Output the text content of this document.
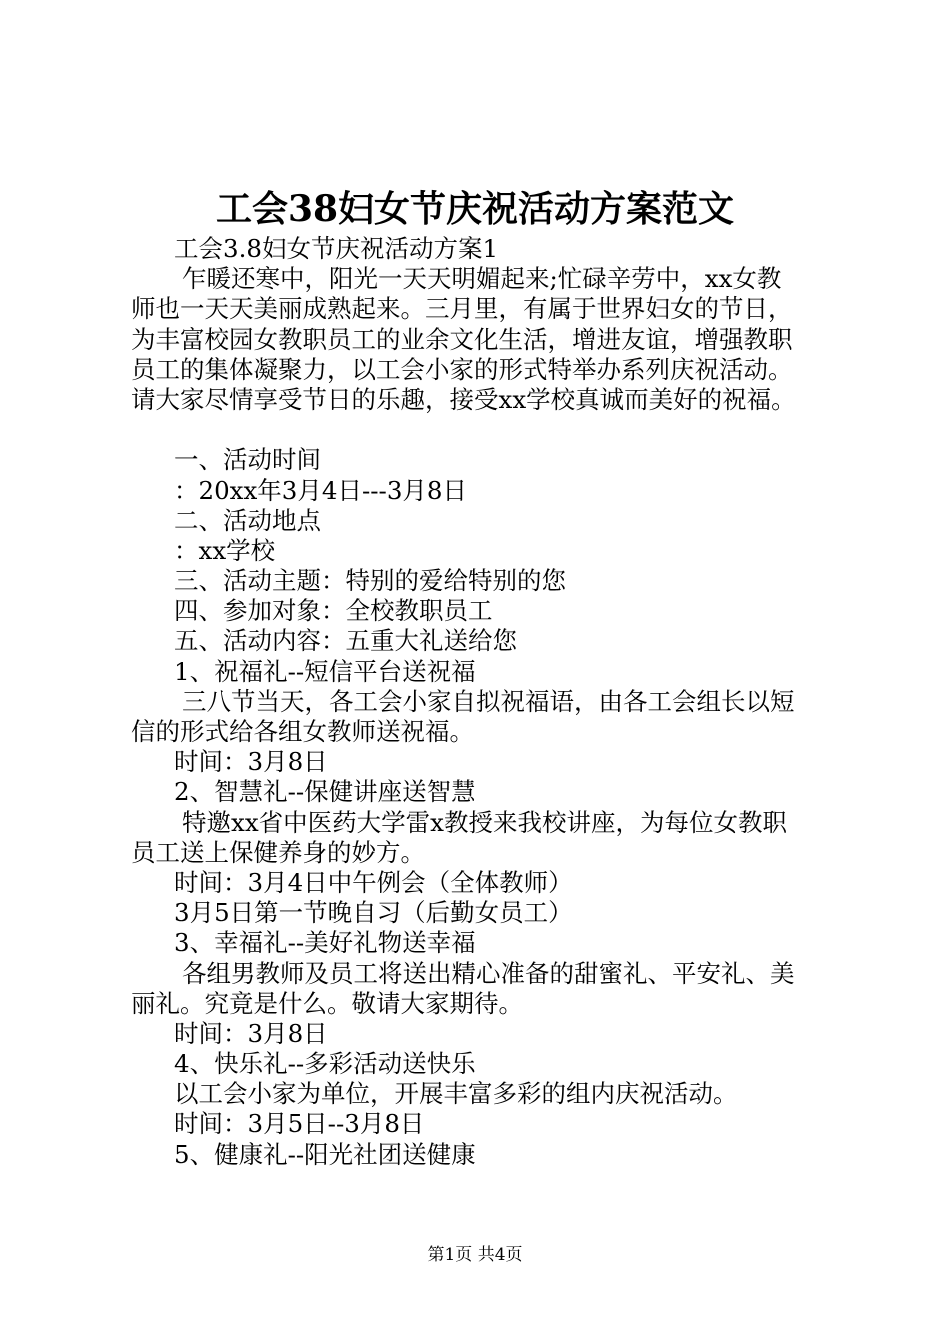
工会38妇女节庆祝活动方案范文
工会3.8妇女节庆祝活动方案1
乍暖还寒中，阳光一天天明媚起来;忙碌辛劳中，xx女教
师也一天天美丽成熟起来。三月里，有属于世界妇女的节日，
为丰富校园女教职员工的业余文化生活，增进友谊，增强教职
员工的集体凝聚力，以工会小家的形式特举办系列庆祝活动。
请大家尽情享受节日的乐趣，接受xx学校真诚而美好的祝福。
一、活动时间
：20xx年3月4日---3月8日
二、活动地点
：xx学校
三、活动主题：特别的爱给特别的您
四、参加对象：全校教职员工
五、活动内容：五重大礼送给您
1、祝福礼--短信平台送祝福
三八节当天，各工会小家自拟祝福语，由各工会组长以短
信的形式给各组女教师送祝福。
时间：3月8日
2、智慧礼--保健讲座送智慧
特邀xx省中医药大学雷x教授来我校讲座，为每位女教职
员工送上保健养身的妙方。
时间：3月4日中午例会（全体教师）
3月5日第一节晚自习（后勤女员工）
3、幸福礼--美好礼物送幸福
各组男教师及员工将送出精心准备的甜蜜礼、平安礼、美
丽礼。究竟是什么。敬请大家期待。
时间：3月8日
4、快乐礼--多彩活动送快乐
以工会小家为单位，开展丰富多彩的组内庆祝活动。
时间：3月5日--3月8日
5、健康礼--阳光社团送健康
第1页 共4页
